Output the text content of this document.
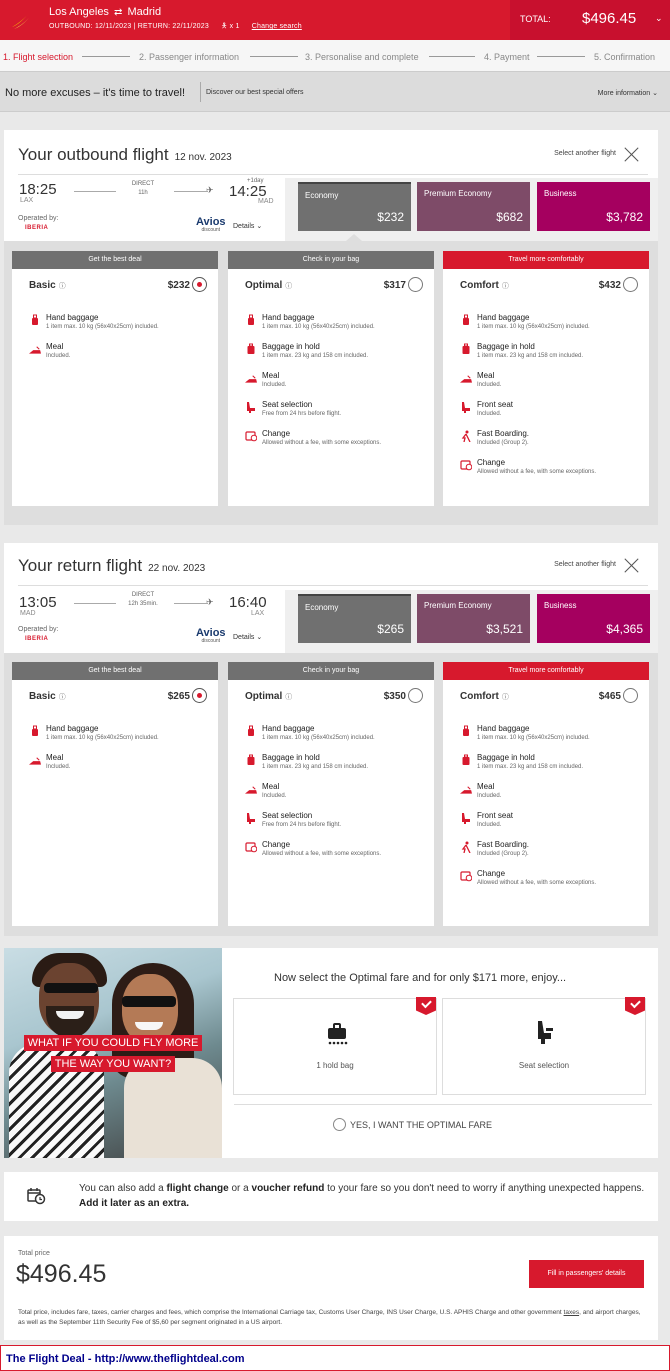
Los Angeles ⇄ Madrid
OUTBOUND: 12/11/2023 | RETURN: 22/11/2023 🯅 x 1 Change search
TOTAL: $496.45 ⌄
1. Flight selection	2. Passenger information	3. Personalise and complete	4. Payment	5. Confirmation
No more excuses – it's time to travel!	Discover our best special offers	More information ⌄
Your outbound flight 12 nov. 2023	Select another flight
18:25
LAX
DIRECT
11h	✈
+1day
14:25
MAD
Operated by:
IBERIA	Avios
discount	Details ⌄
Economy
$232
Premium Economy
$682
Business
$3,782
Get the best deal
Basic ⓘ	$232
Hand baggage
1 item max. 10 kg (56x40x25cm) included.
Meal
Included.
Check in your bag
Optimal ⓘ	$317
Hand baggage
1 item max. 10 kg (56x40x25cm) included.
Baggage in hold
1 item max. 23 kg and 158 cm included.
Meal
Included.
Seat selection
Free from 24 hrs before flight.
Change
Allowed without a fee, with some exceptions.
Travel more comfortably
Comfort ⓘ	$432
Hand baggage
1 item max. 10 kg (56x40x25cm) included.
Baggage in hold
1 item max. 23 kg and 158 cm included.
Meal
Included.
Front seat
Included.
Fast Boarding.
Included (Group 2).
Change
Allowed without a fee, with some exceptions.
Your return flight 22 nov. 2023	Select another flight
13:05
MAD
DIRECT
12h 35min.	✈ 16:40
LAX
Operated by:
IBERIA	Avios
discount	Details ⌄
Economy
$265
Premium Economy
$3,521
Business
$4,365
Get the best deal
Basic ⓘ	$265
Hand baggage
1 item max. 10 kg (56x40x25cm) included.
Meal
Included.
Check in your bag
Optimal ⓘ	$350
Hand baggage
1 item max. 10 kg (56x40x25cm) included.
Baggage in hold
1 item max. 23 kg and 158 cm included.
Meal
Included.
Seat selection
Free from 24 hrs before flight.
Change
Allowed without a fee, with some exceptions.
Travel more comfortably
Comfort ⓘ	$465
Hand baggage
1 item max. 10 kg (56x40x25cm) included.
Baggage in hold
1 item max. 23 kg and 158 cm included.
Meal
Included.
Front seat
Included.
Fast Boarding.
Included (Group 2).
Change
Allowed without a fee, with some exceptions.
WHAT IF YOU COULD FLY MORE THE WAY YOU WANT?
Now select the Optimal fare and for only $171 more, enjoy...
1 hold bag	Seat selection
YES, I WANT THE OPTIMAL FARE
You can also add a flight change or a voucher refund to your fare so you don't need to worry if anything unexpected happens. Add it later as an extra.
Total price
$496.45	Fill in passengers' details
Total price, includes fare, taxes, carrier charges and fees, which comprise the International Carriage tax, Customs User Charge, INS User Charge, U.S. APHIS Charge and other government taxes, and airport charges, as well as the September 11th Security Fee of $5,60 per segment originated in a US airport.
The Flight Deal - http://www.theflightdeal.com
